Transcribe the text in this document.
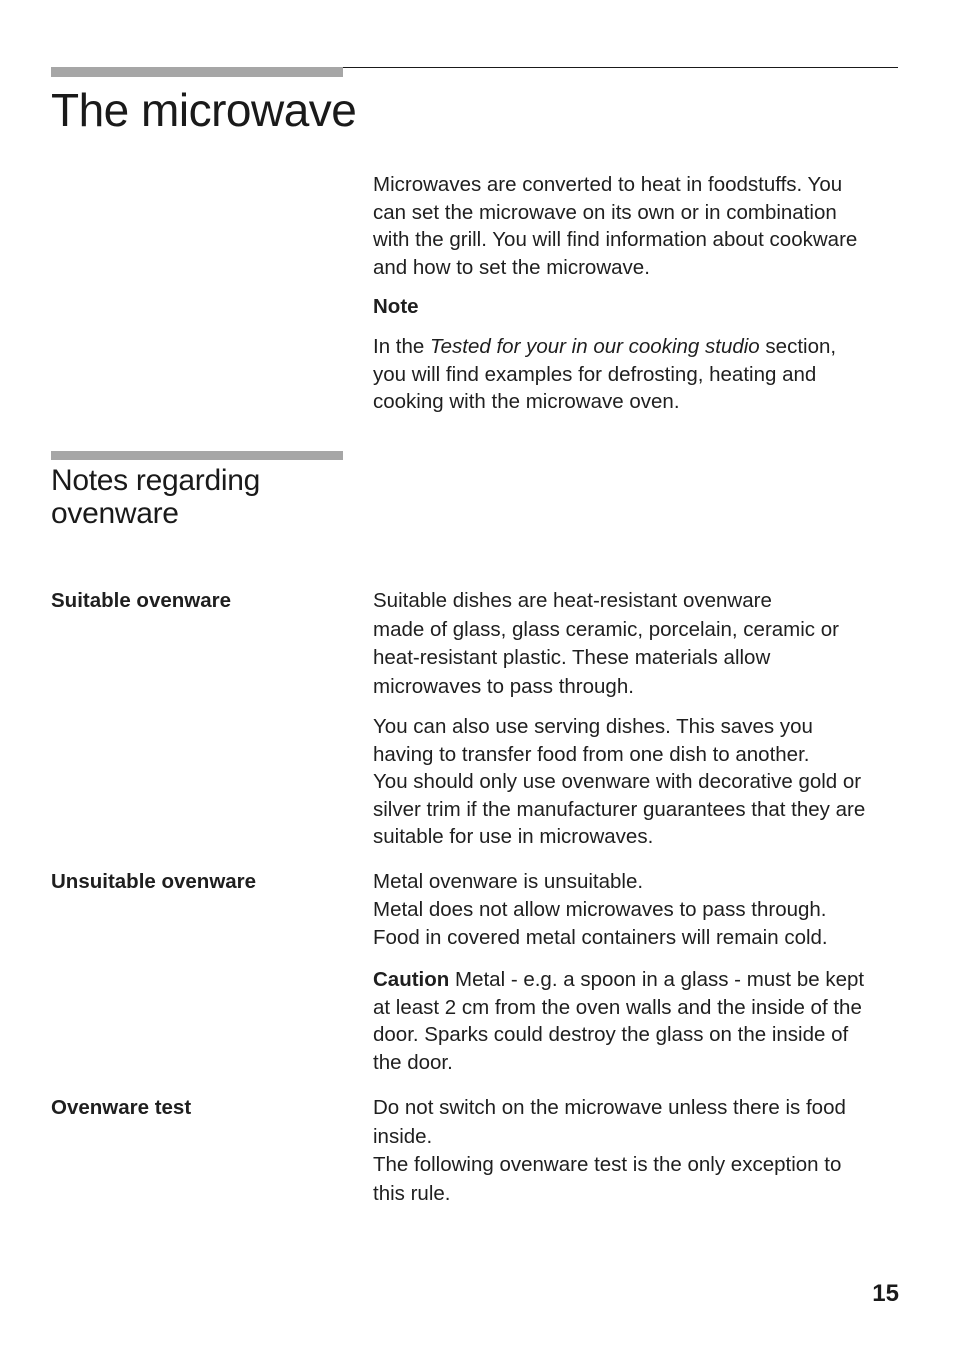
The microwave

Microwaves are converted to heat in foodstuffs. You
can set the microwave on its own or in combination
with the grill. You will find information about cookware
and how to set the microwave.

Note

In the Tested for your in our cooking studio section,
you will find examples for defrosting, heating and
cooking with the microwave oven.

Notes regarding
ovenware

Suitable ovenware	Suitable dishes are heat-resistant ovenware
made of glass, glass ceramic, porcelain, ceramic or
heat-resistant plastic. These materials allow
microwaves to pass through.

You can also use serving dishes. This saves you
having to transfer food from one dish to another.
You should only use ovenware with decorative gold or
silver trim if the manufacturer guarantees that they are
suitable for use in microwaves.

Unsuitable ovenware	Metal ovenware is unsuitable.
Metal does not allow microwaves to pass through.
Food in covered metal containers will remain cold.

Caution Metal - e.g. a spoon in a glass - must be kept
at least 2 cm from the oven walls and the inside of the
door. Sparks could destroy the glass on the inside of
the door.

Ovenware test	Do not switch on the microwave unless there is food
inside.
The following ovenware test is the only exception to
this rule.

15
